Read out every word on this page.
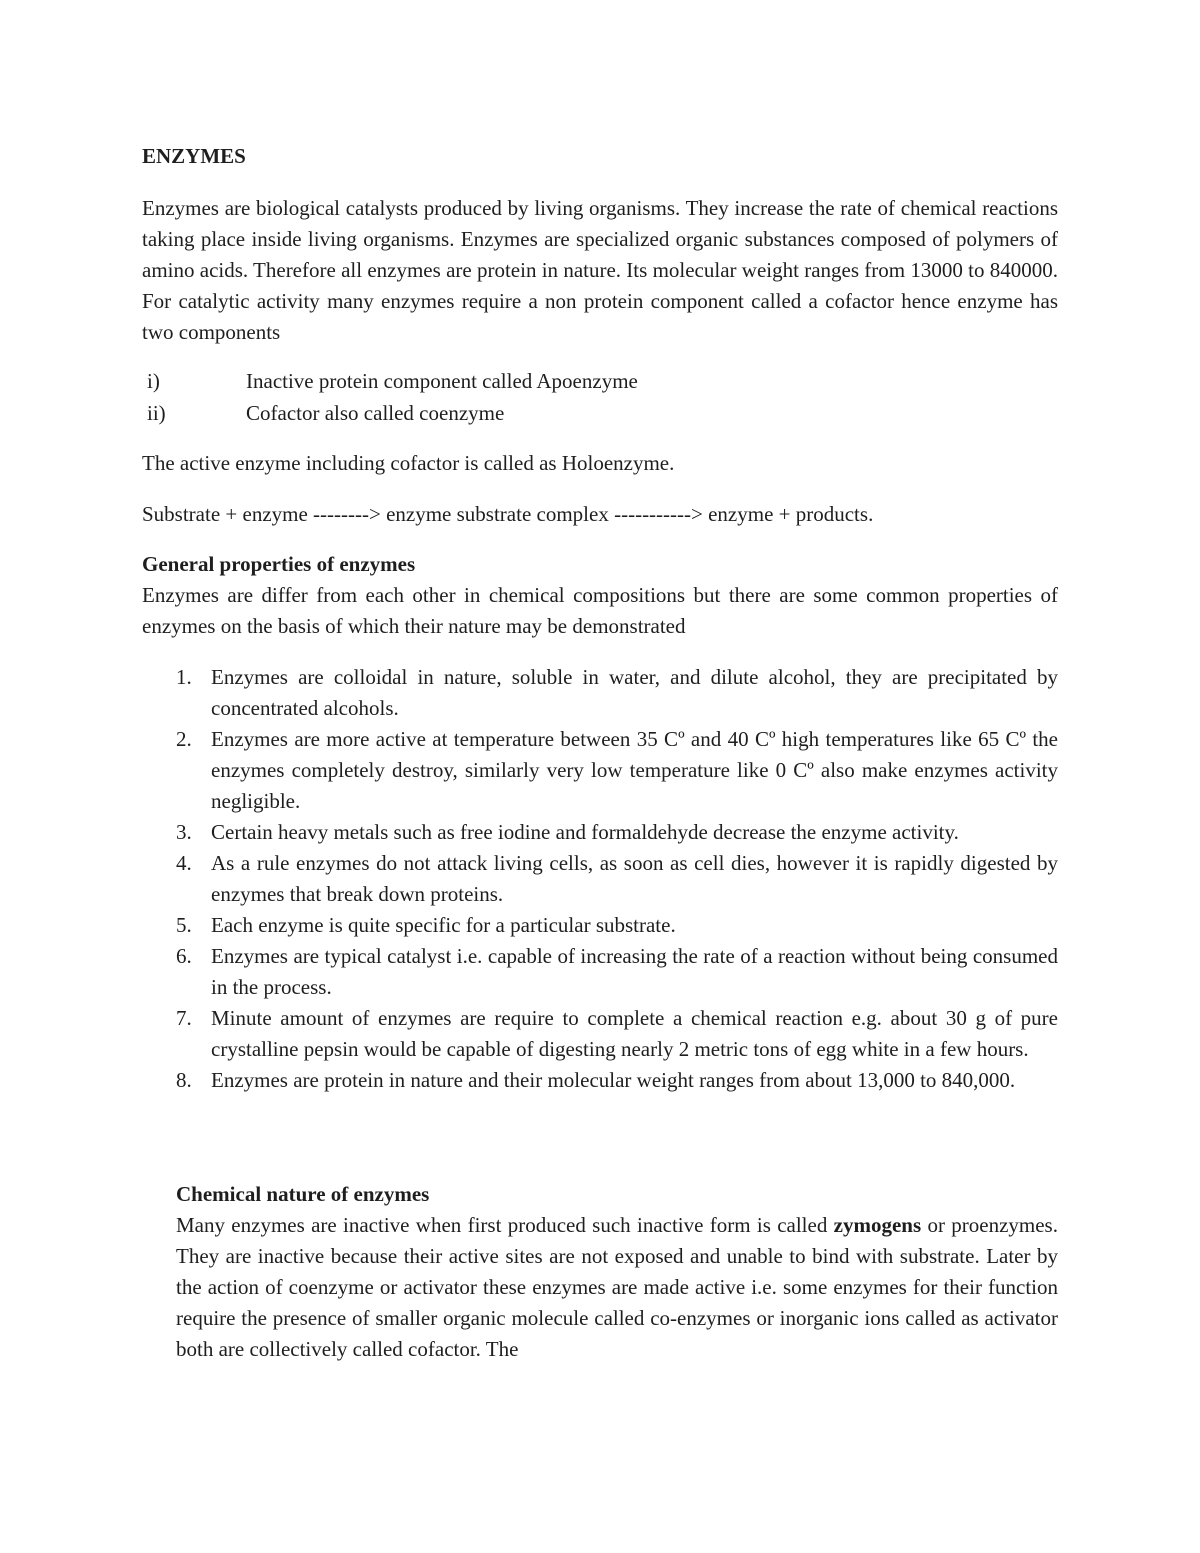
ENZYMES

Enzymes are biological catalysts produced by living organisms. They increase the rate of chemical reactions taking place inside living organisms. Enzymes are specialized organic substances composed of polymers of amino acids. Therefore all enzymes are protein in nature. Its molecular weight ranges from 13000 to 840000. For catalytic activity many enzymes require a non protein component called a cofactor hence enzyme has two components

i)	Inactive protein component called Apoenzyme
ii)	Cofactor also called coenzyme

The active enzyme including cofactor is called as Holoenzyme.

Substrate + enzyme --------> enzyme substrate complex -----------> enzyme + products.

General properties of enzymes

Enzymes are differ from each other in chemical compositions but there are some common properties of enzymes on the basis of which their nature may be demonstrated

1. Enzymes are colloidal in nature, soluble in water, and dilute alcohol, they are precipitated by concentrated alcohols.
2. Enzymes are more active at temperature between 35 Cº and 40 Cº high temperatures like 65 Cº the enzymes completely destroy, similarly very low temperature like 0 Cº also make enzymes activity negligible.
3. Certain heavy metals such as free iodine and formaldehyde decrease the enzyme activity.
4. As a rule enzymes do not attack living cells, as soon as cell dies, however it is rapidly digested by enzymes that break down proteins.
5. Each enzyme is quite specific for a particular substrate.
6. Enzymes are typical catalyst i.e. capable of increasing the rate of a reaction without being consumed in the process.
7. Minute amount of enzymes are require to complete a chemical reaction e.g. about 30 g of pure crystalline pepsin would be capable of digesting nearly 2 metric tons of egg white in a few hours.
8. Enzymes are protein in nature and their molecular weight ranges from about 13,000 to 840,000.
Chemical nature of enzymes

Many enzymes are inactive when first produced such inactive form is called zymogens or proenzymes. They are inactive because their active sites are not exposed and unable to bind with substrate. Later by the action of coenzyme or activator these enzymes are made active i.e. some enzymes for their function require the presence of smaller organic molecule called co-enzymes or inorganic ions called as activator both are collectively called cofactor. The
